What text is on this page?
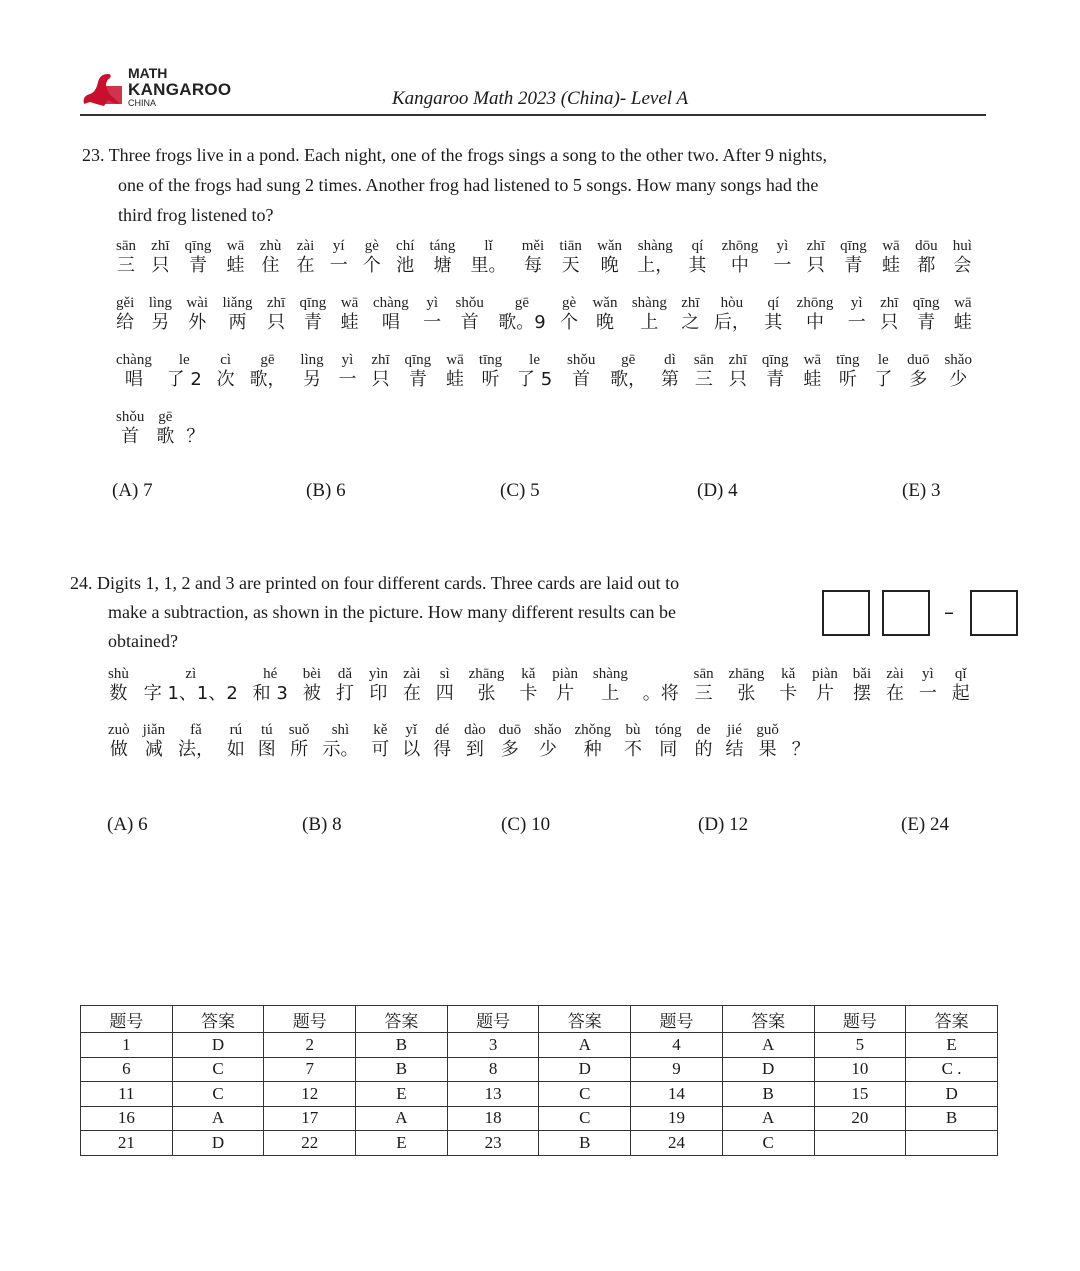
MATH
KANGAROO
CHINA	Kangaroo Math 2023 (China)- Level A
23. Three frogs live in a pond. Each night, one of the frogs sings a song to the other two. After 9 nights,
one of the frogs had sung 2 times. Another frog had listened to 5 songs. How many songs had the
third frog listened to?
sān
三
zhī
只
qīng
青
wā
蛙
zhù
住
zài
在
yí
一
gè
个
chí
池
táng
塘
lǐ
里。
měi
每
tiān
天
wǎn
晚
shàng
上，
qí
其
zhōng
中
yì
一
zhī
只
qīng
青
wā
蛙
dōu
都
huì
会
gěi
给
lìng
另
wài
外
liǎng
两
zhī
只
qīng
青
wā
蛙
chàng
唱
yì
一
shǒu
首
gē
歌。9
gè
个
wǎn
晚
shàng
上
zhī
之
hòu
后，
qí
其
zhōng
中
yì
一
zhī
只
qīng
青
wā
蛙
chàng
唱
le
了 2
cì
次
gē
歌，
lìng
另
yì
一
zhī
只
qīng
青
wā
蛙
tīng
听
le
了 5
shǒu
首
gē
歌，
dì
第
sān
三
zhī
只
qīng
青
wā
蛙
tīng
听
le
了
duō
多
shǎo
少
shǒu
首
gē
歌 ？
(A) 7	(B) 6	(C) 5	(D) 4	(E) 3
24. Digits 1, 1, 2 and 3 are printed on four different cards. Three cards are laid out to
make a subtraction, as shown in the picture. How many different results can be
obtained?
–
shù
数
zì
字 1、1、2
hé
和 3
bèi
被
dǎ
打
yìn
印
zài
在
sì
四
zhāng
张
kǎ
卡
piàn
片
shàng
上 。将
sān
三
zhāng
张
kǎ
卡
piàn
片
bǎi
摆
zài
在
yì
一
qǐ
起
zuò
做
jiǎn
减
fǎ
法，
rú
如
tú
图
suǒ
所
shì
示。
kě
可
yǐ
以
dé
得
dào
到
duō
多
shǎo
少
zhǒng
种
bù
不
tóng
同
de
的
jié
结
guǒ
果 ？
(A) 6	(B) 8	(C) 10	(D) 12	(E) 24
题号	答案	题号	答案	题号	答案	题号	答案	题号	答案
1	D	2	B	3	A	4	A	5	E
6	C	7	B	8	D	9	D	10	C .
11	C	12	E	13	C	14	B	15	D
16	A	17	A	18	C	19	A	20	B
21	D	22	E	23	B	24	C		
